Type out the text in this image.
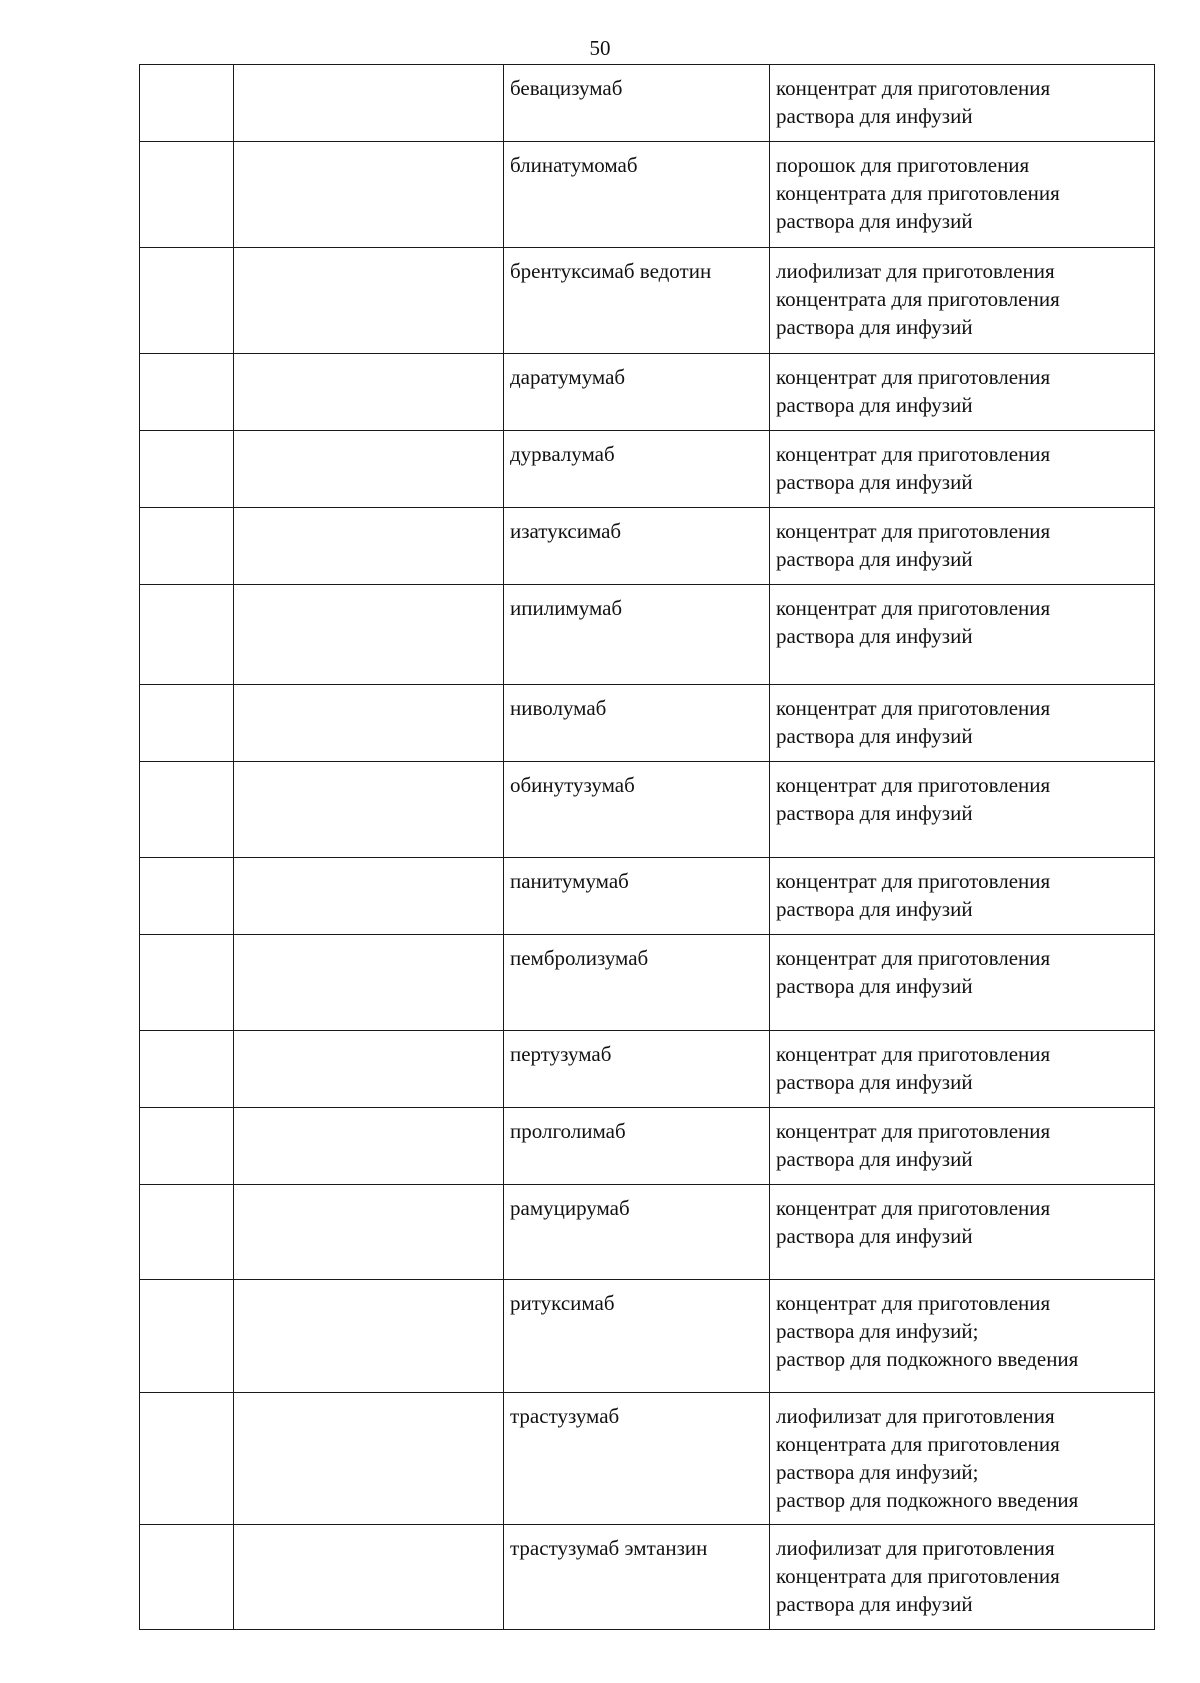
50
		бевацизумаб	концентрат для приготовления
раствора для инфузий

		блинатумомаб	порошок для приготовления
концентрата для приготовления
раствора для инфузий

		брентуксимаб ведотин	лиофилизат для приготовления
концентрата для приготовления
раствора для инфузий

		даратумумаб	концентрат для приготовления
раствора для инфузий

		дурвалумаб	концентрат для приготовления
раствора для инфузий

		изатуксимаб	концентрат для приготовления
раствора для инфузий

		ипилимумаб	концентрат для приготовления
раствора для инфузий

		ниволумаб	концентрат для приготовления
раствора для инфузий

		обинутузумаб	концентрат для приготовления
раствора для инфузий

		панитумумаб	концентрат для приготовления
раствора для инфузий

		пембролизумаб	концентрат для приготовления
раствора для инфузий

		пертузумаб	концентрат для приготовления
раствора для инфузий

		пролголимаб	концентрат для приготовления
раствора для инфузий

		рамуцирумаб	концентрат для приготовления
раствора для инфузий

		ритуксимаб	концентрат для приготовления
раствора для инфузий;
раствор для подкожного введения

		трастузумаб	лиофилизат для приготовления
концентрата для приготовления
раствора для инфузий;
раствор для подкожного введения

		трастузумаб эмтанзин	лиофилизат для приготовления
концентрата для приготовления
раствора для инфузий
